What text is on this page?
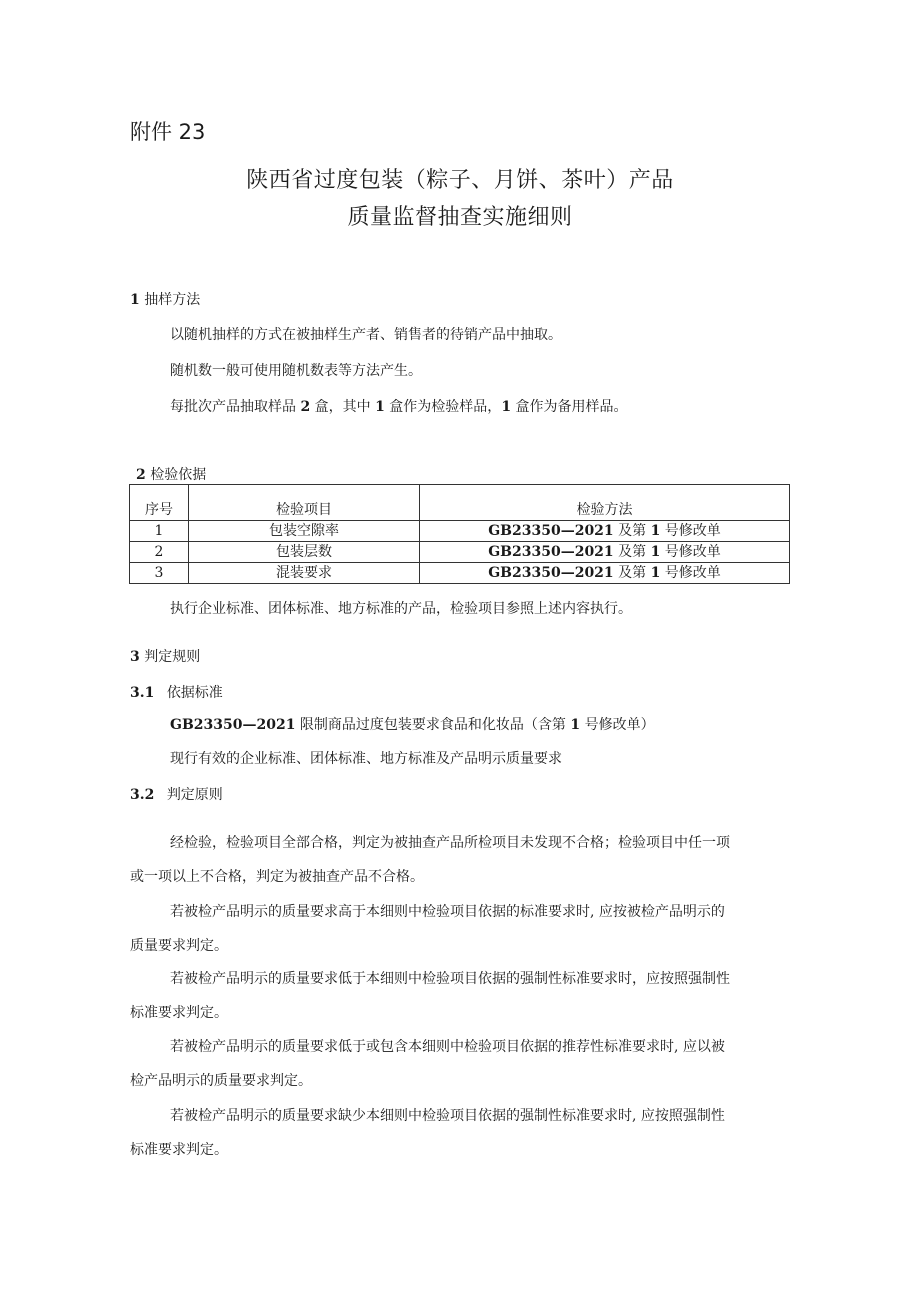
附件 23
陕西省过度包装（粽子、月饼、茶叶）产品
质量监督抽查实施细则
1 抽样方法
以随机抽样的方式在被抽样生产者、销售者的待销产品中抽取。
随机数一般可使用随机数表等方法产生。
每批次产品抽取样品 2 盒，其中 1 盒作为检验样品，1 盒作为备用样品。
2 检验依据
序号	检验项目	检验方法
1	包装空隙率	GB23350—2021 及第 1 号修改单
2	包装层数	GB23350—2021 及第 1 号修改单
3	混装要求	GB23350—2021 及第 1 号修改单
执行企业标准、团体标准、地方标准的产品，检验项目参照上述内容执行。
3 判定规则
3.1 依据标准
GB23350—2021 限制商品过度包装要求食品和化妆品（含第 1 号修改单）
现行有效的企业标准、团体标准、地方标准及产品明示质量要求
3.2 判定原则
经检验，检验项目全部合格，判定为被抽查产品所检项目未发现不合格；检验项目中任一项
或一项以上不合格，判定为被抽查产品不合格。
若被检产品明示的质量要求高于本细则中检验项目依据的标准要求时, 应按被检产品明示的
质量要求判定。
若被检产品明示的质量要求低于本细则中检验项目依据的强制性标准要求时，应按照强制性
标准要求判定。
若被检产品明示的质量要求低于或包含本细则中检验项目依据的推荐性标准要求时, 应以被
检产品明示的质量要求判定。
若被检产品明示的质量要求缺少本细则中检验项目依据的强制性标准要求时, 应按照强制性
标准要求判定。
